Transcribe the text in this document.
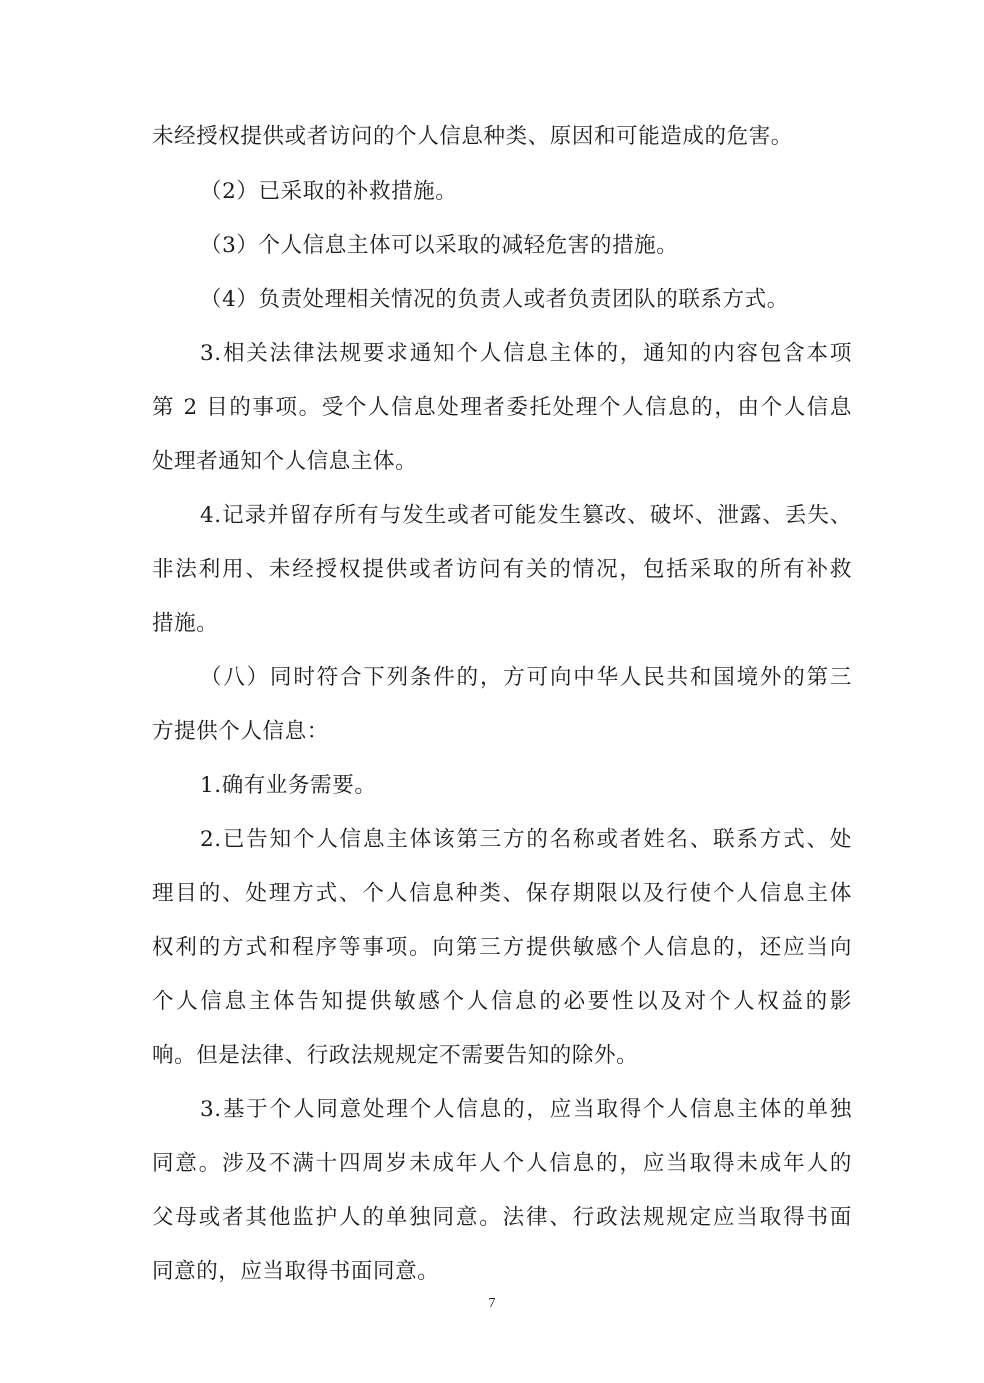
未经授权提供或者访问的个人信息种类、原因和可能造成的危害。
（2）已采取的补救措施。
（3）个人信息主体可以采取的减轻危害的措施。
（4）负责处理相关情况的负责人或者负责团队的联系方式。
3.相关法律法规要求通知个人信息主体的，通知的内容包含本项
第 2 目的事项。受个人信息处理者委托处理个人信息的，由个人信息
处理者通知个人信息主体。
4.记录并留存所有与发生或者可能发生篡改、破坏、泄露、丢失、
非法利用、未经授权提供或者访问有关的情况，包括采取的所有补救
措施。
（八）同时符合下列条件的，方可向中华人民共和国境外的第三
方提供个人信息：
1.确有业务需要。
2.已告知个人信息主体该第三方的名称或者姓名、联系方式、处
理目的、处理方式、个人信息种类、保存期限以及行使个人信息主体
权利的方式和程序等事项。向第三方提供敏感个人信息的，还应当向
个人信息主体告知提供敏感个人信息的必要性以及对个人权益的影
响。但是法律、行政法规规定不需要告知的除外。
3.基于个人同意处理个人信息的，应当取得个人信息主体的单独
同意。涉及不满十四周岁未成年人个人信息的，应当取得未成年人的
父母或者其他监护人的单独同意。法律、行政法规规定应当取得书面
同意的，应当取得书面同意。
7
